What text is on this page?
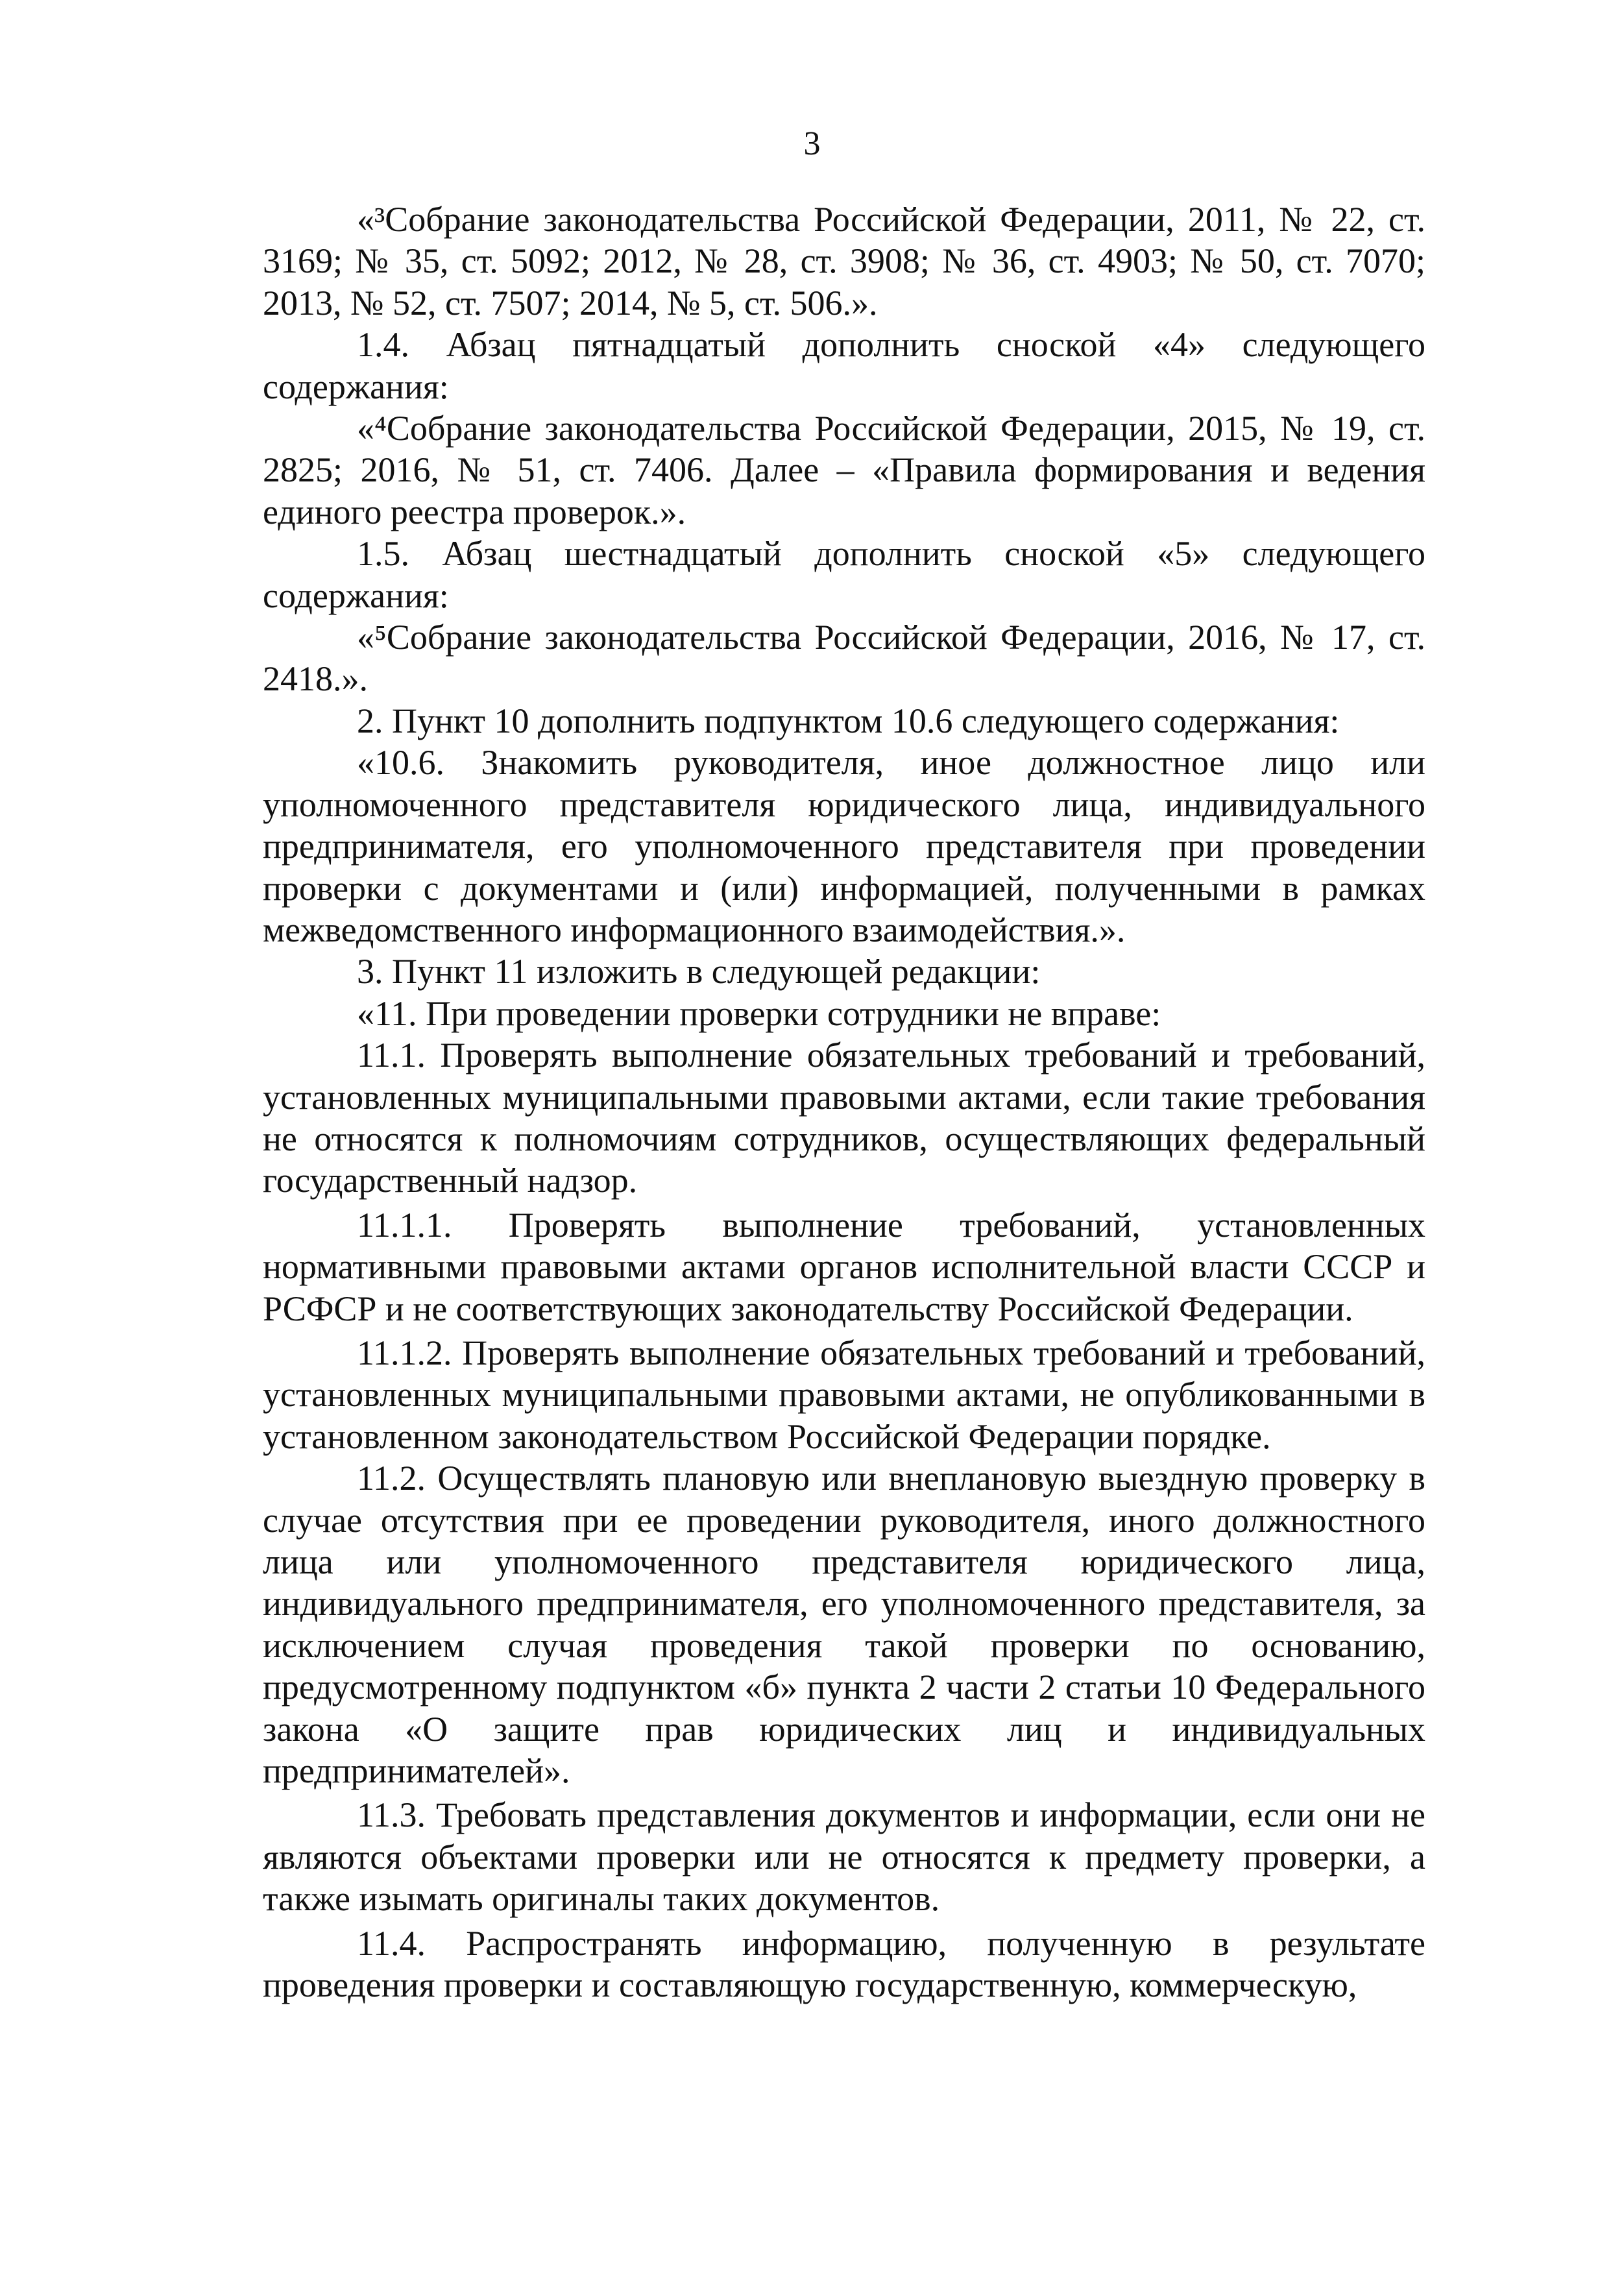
3

«³Собрание законодательства Российской Федерации, 2011, № 22, ст. 3169; № 35, ст. 5092; 2012, № 28, ст. 3908; № 36, ст. 4903; № 50, ст. 7070; 2013, № 52, ст. 7507; 2014, № 5, ст. 506.».

1.4. Абзац пятнадцатый дополнить сноской «4» следующего содержания:

«⁴Собрание законодательства Российской Федерации, 2015, № 19, ст. 2825; 2016, № 51, ст. 7406. Далее – «Правила формирования и ведения единого реестра проверок.».

1.5. Абзац шестнадцатый дополнить сноской «5» следующего содержания:

«⁵Собрание законодательства Российской Федерации, 2016, № 17, ст. 2418.».

2. Пункт 10 дополнить подпунктом 10.6 следующего содержания:

«10.6. Знакомить руководителя, иное должностное лицо или уполномоченного представителя юридического лица, индивидуального предпринимателя, его уполномоченного представителя при проведении проверки с документами и (или) информацией, полученными в рамках межведомственного информационного взаимодействия.».

3. Пункт 11 изложить в следующей редакции:

«11. При проведении проверки сотрудники не вправе:

11.1. Проверять выполнение обязательных требований и требований, установленных муниципальными правовыми актами, если такие требования не относятся к полномочиям сотрудников, осуществляющих федеральный государственный надзор.

11.1.1. Проверять выполнение требований, установленных нормативными правовыми актами органов исполнительной власти СССР и РСФСР и не соответствующих законодательству Российской Федерации.

11.1.2. Проверять выполнение обязательных требований и требований, установленных муниципальными правовыми актами, не опубликованными в установленном законодательством Российской Федерации порядке.

11.2. Осуществлять плановую или внеплановую выездную проверку в случае отсутствия при ее проведении руководителя, иного должностного лица или уполномоченного представителя юридического лица, индивидуального предпринимателя, его уполномоченного представителя, за исключением случая проведения такой проверки по основанию, предусмотренному подпунктом «б» пункта 2 части 2 статьи 10 Федерального закона «О защите прав юридических лиц и индивидуальных предпринимателей».

11.3. Требовать представления документов и информации, если они не являются объектами проверки или не относятся к предмету проверки, а также изымать оригиналы таких документов.

11.4. Распространять информацию, полученную в результате проведения проверки и составляющую государственную, коммерческую,
